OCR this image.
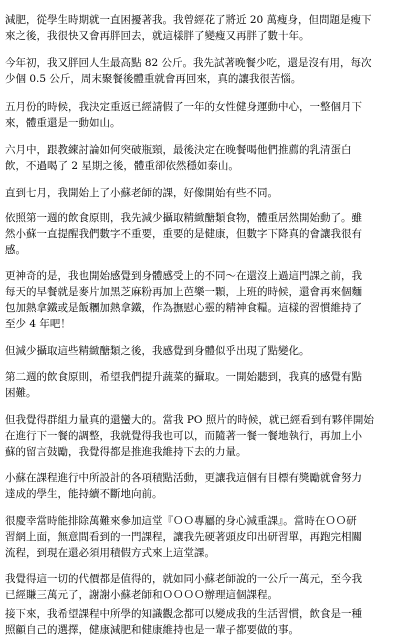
減肥，從學生時期就一直困擾著我。我曾經花了將近 20 萬瘦身，但問題是瘦下
來之後，我很快又會再胖回去，就這樣胖了變瘦又再胖了數十年。

今年初，我又胖回人生最高點 82 公斤。我先試著晚餐少吃，還是沒有用，每次
少個 0.5 公斤，周末聚餐後體重就會再回來，真的讓我很苦惱。

五月份的時候，我決定重返已經請假了一年的女性健身運動中心，一整個月下
來，體重還是一動如山。

六月中，跟教練討論如何突破瓶頸，最後決定在晚餐喝他們推薦的乳清蛋白
飲，不過喝了 2 星期之後，體重卻依然穩如泰山。

直到七月，我開始上了小蘇老師的課，好像開始有些不同。

依照第一週的飲食原則，我先減少攝取精緻醣類食物，體重居然開始動了。雖
然小蘇一直提醒我們數字不重要，重要的是健康，但數字下降真的會讓我很有
感。

更神奇的是，我也開始感覺到身體感受上的不同～在還沒上過這門課之前，我
每天的早餐就是麥片加黑芝麻粉再加上芭樂一顆，上班的時候，還會再來個麵
包加熱拿鐵或是飯糰加熱拿鐵，作為撫慰心靈的精神食糧。這樣的習慣維持了
至少 4 年吧！

但減少攝取這些精緻醣類之後，我感覺到身體似乎出現了點變化。

第二週的飲食原則，希望我們提升蔬菜的攝取。一開始聽到，我真的感覺有點
困難。

但我覺得群組力量真的還蠻大的。當我 PO 照片的時候，就已經看到有夥伴開始
在進行下一餐的調整，我就覺得我也可以，而隨著一餐一餐地執行，再加上小
蘇的留言鼓勵，我覺得都是推進我維持下去的力量。

小蘇在課程進行中所設計的各項積點活動，更讓我這個有目標有獎勵就會努力
達成的學生，能持續不斷地向前。

很慶幸當時能排除萬難來參加這堂『ＯＯ專屬的身心減重課』。當時在ＯＯ研
習網上面，無意間看到的一門課程，讓我先硬著頭皮印出研習單，再跑完相關
流程，到現在還必須用積假方式來上這堂課。

我覺得這一切的代價都是值得的，就如同小蘇老師說的一公斤一萬元，至今我
已經賺三萬元了，謝謝小蘇老師和ＯＯＯＯ辦理這個課程。

接下來，我希望課程中所學的知識觀念都可以變成我的生活習慣，飲食是一種
照顧自己的選擇，健康減肥和健康維持也是一輩子都要做的事。
